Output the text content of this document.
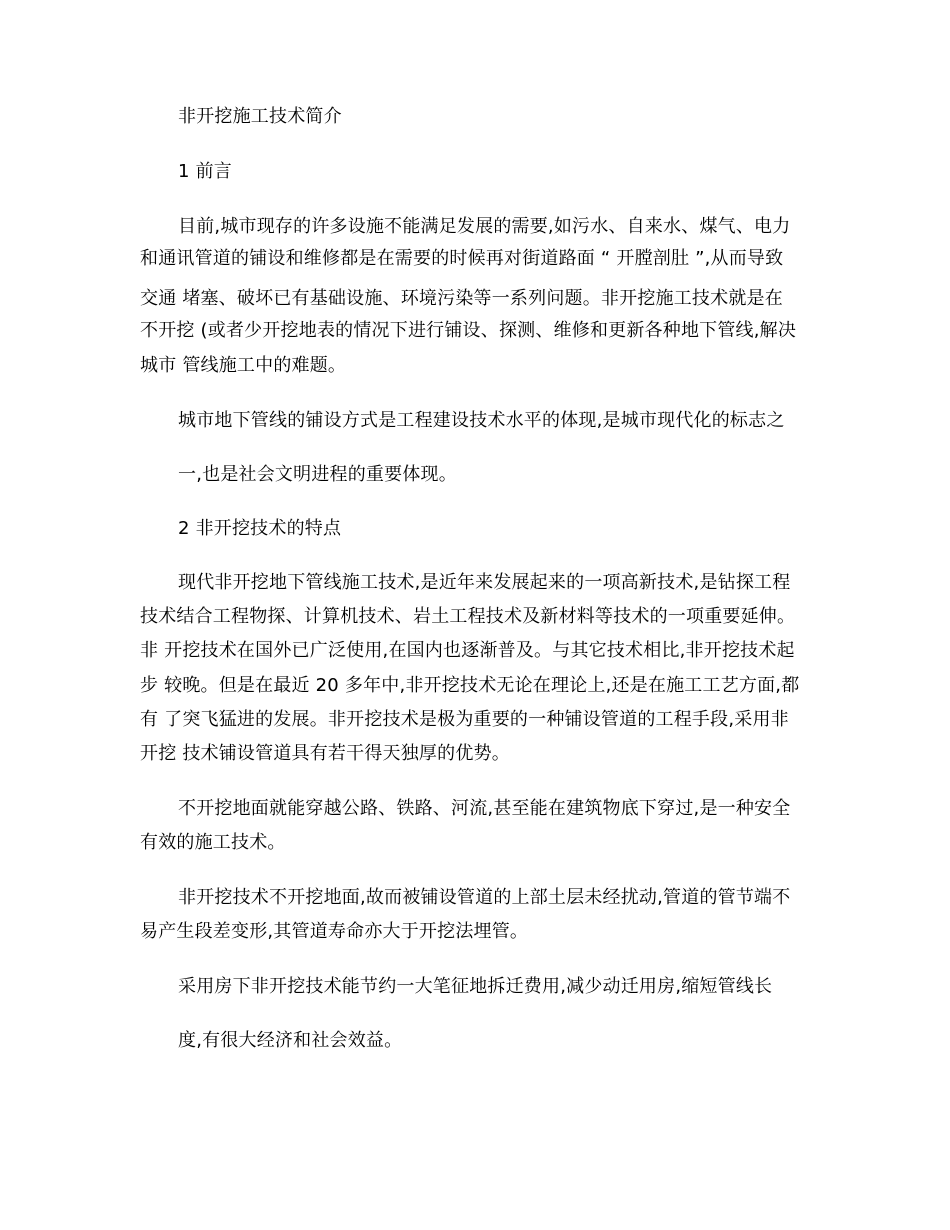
非开挖施工技术简介
1 前言
目前,城市现存的许多设施不能满足发展的需要,如污水、自来水、煤气、电力
和通讯管道的铺设和维修都是在需要的时候再对街道路面 “ 开膛剖肚 ”,从而导致
交通 堵塞、破坏已有基础设施、环境污染等一系列问题。非开挖施工技术就是在
不开挖 (或者少开挖地表的情况下进行铺设、探测、维修和更新各种地下管线,解决
城市 管线施工中的难题。
城市地下管线的铺设方式是工程建设技术水平的体现,是城市现代化的标志之
一,也是社会文明进程的重要体现。
2 非开挖技术的特点
现代非开挖地下管线施工技术,是近年来发展起来的一项高新技术,是钻探工程
技术结合工程物探、计算机技术、岩土工程技术及新材料等技术的一项重要延伸。
非 开挖技术在国外已广泛使用,在国内也逐渐普及。与其它技术相比,非开挖技术起
步 较晚。但是在最近 20 多年中,非开挖技术无论在理论上,还是在施工工艺方面,都
有 了突飞猛进的发展。非开挖技术是极为重要的一种铺设管道的工程手段,采用非
开挖 技术铺设管道具有若干得天独厚的优势。
不开挖地面就能穿越公路、铁路、河流,甚至能在建筑物底下穿过,是一种安全
有效的施工技术。
非开挖技术不开挖地面,故而被铺设管道的上部土层未经扰动,管道的管节端不
易产生段差变形,其管道寿命亦大于开挖法埋管。
采用房下非开挖技术能节约一大笔征地拆迁费用,减少动迁用房,缩短管线长
度,有很大经济和社会效益。
